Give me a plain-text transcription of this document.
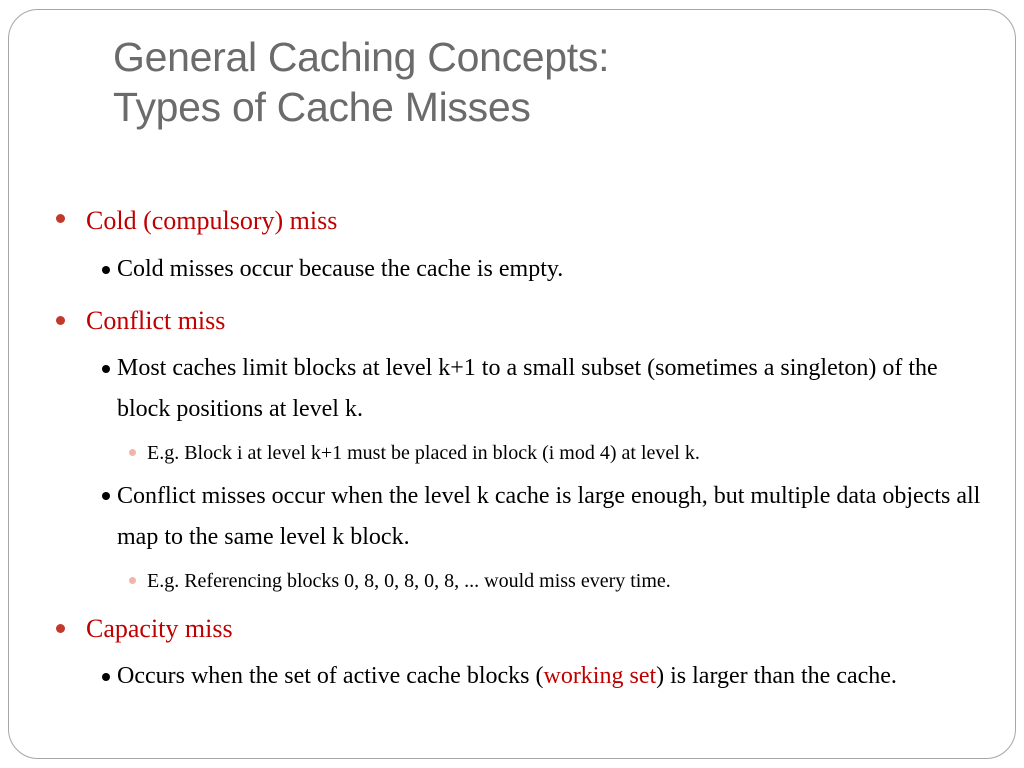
General Caching Concepts:
Types of Cache Misses

Cold (compulsory) miss

Cold misses occur because the cache is empty.

Conflict miss

Most caches limit blocks at level k+1 to a small subset (sometimes a singleton) of the block positions at level k.

E.g. Block i at level k+1 must be placed in block (i mod 4) at level k.

Conflict misses occur when the level k cache is large enough, but multiple data objects all map to the same level k block.

E.g. Referencing blocks 0, 8, 0, 8, 0, 8, ... would miss every time.

Capacity miss

Occurs when the set of active cache blocks (working set) is larger than the cache.
